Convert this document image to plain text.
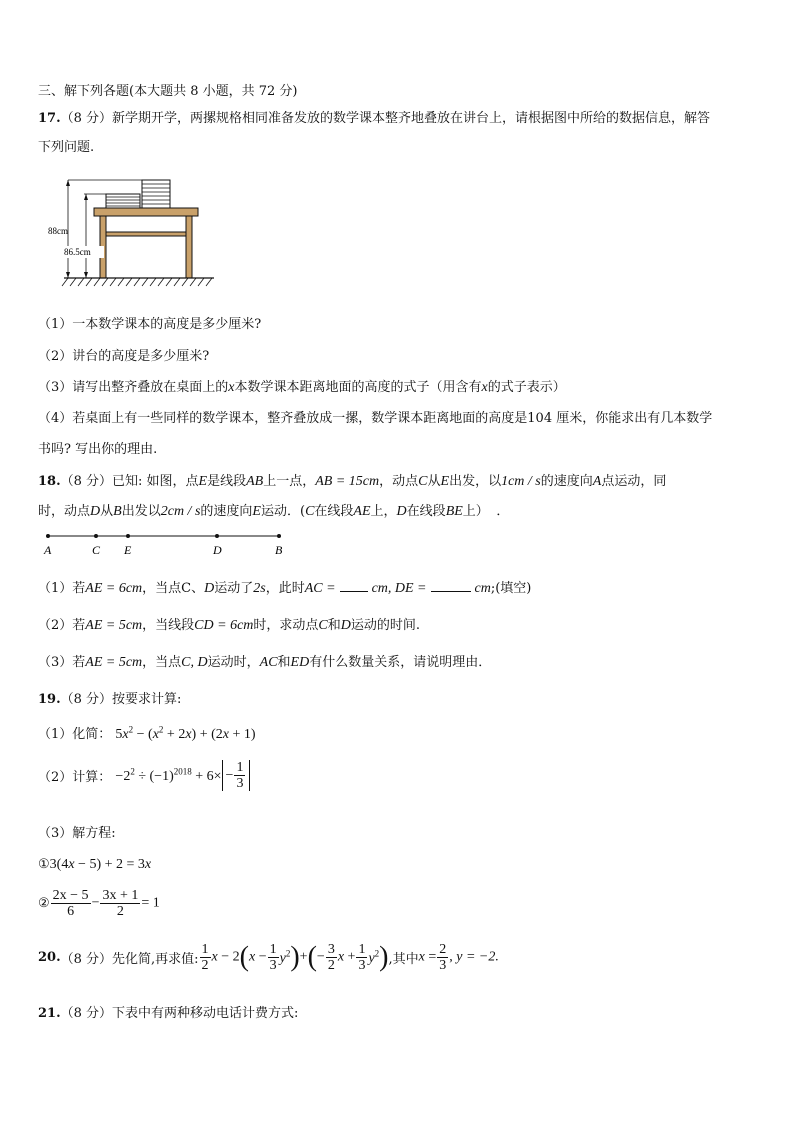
三、解下列各题(本大题共 8 小题，共 72 分)
17.（8 分）新学期开学，两摞规格相同准备发放的数学课本整齐地叠放在讲台上，请根据图中所给的数据信息，解答
下列问题.
88cm
86.5cm
（1）一本数学课本的高度是多少厘米?
（2）讲台的高度是多少厘米?
（3）请写出整齐叠放在桌面上的x本数学课本距离地面的高度的式子（用含有x的式子表示）
（4）若桌面上有一些同样的数学课本，整齐叠放成一摞，数学课本距离地面的高度是104 厘米，你能求出有几本数学
书吗? 写出你的理由.
18.（8 分）已知: 如图，点E是线段AB上一点，AB = 15cm，动点C从E出发，以1cm / s的速度向A点运动，同
时，动点D从B出发以2cm / s的速度向E运动．(C在线段AE上，D在线段BE上） ．
A	C E	D	B
（1）若AE = 6cm，当点C、D运动了2s，此时AC =	cm, DE =	cm;(填空)
（2）若AE = 5cm，当线段CD = 6cm时，求动点C和D运动的时间.
（3）若AE = 5cm，当点C, D运动时，AC和ED有什么数量关系，请说明理由．
19.（8 分）按要求计算:
（1）化简： $5x^2 - (x^2 + 2x) + (2x + 1)$
（2）计算： $-2^2 \div (-1)^{2018} + 6\times - \frac{1}{3}$
（3）解方程:
①3(4x − 5) + 2 = 3x
② $\frac{2x - 5}{6} - \frac{3x + 1}{2} = 1$
20.（8 分）先化简,再求值: $\frac{1}{2}$ $x - 2(x - \frac{1}{3} y^2)+(- \frac{3}{2}$ $x + \frac{1}{3} y^2$),其中$x = \frac{2}{3}$ , y = −2.
21.（8 分）下表中有两种移动电话计费方式:
